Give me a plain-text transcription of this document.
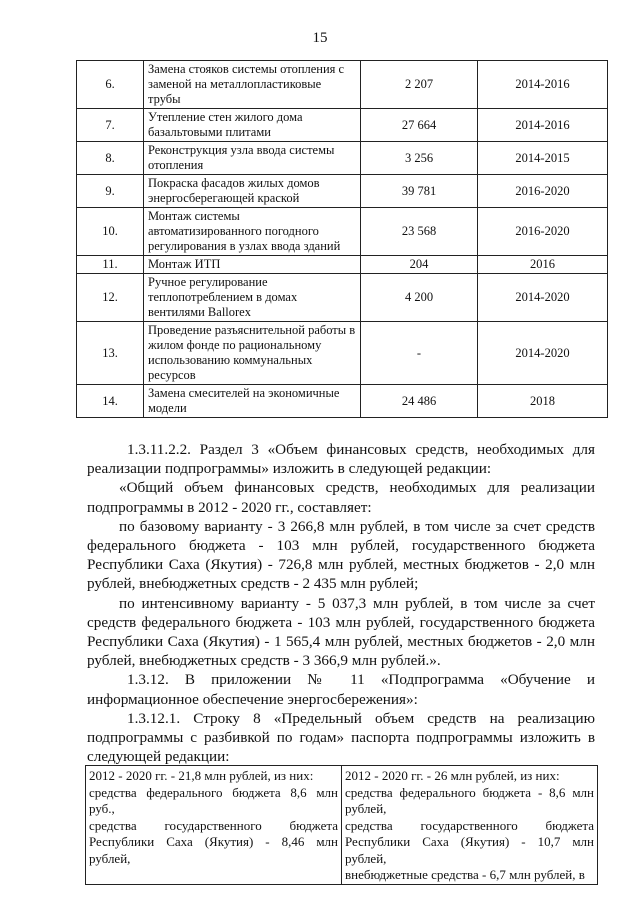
15
6.	Замена стояков системы отопления с заменой на металлопластиковые трубы	2 207	2014-2016
7.	Утепление стен жилого дома базальтовыми плитами	27 664	2014-2016
8.	Реконструкция узла ввода системы отопления	3 256	2014-2015
9.	Покраска фасадов жилых домов энергосберегающей краской	39 781	2016-2020
10.	Монтаж системы автоматизированного погодного регулирования в узлах ввода зданий	23 568	2016-2020
11.	Монтаж ИТП	204	2016
12.	Ручное регулирование теплопотреблением в домах вентилями Ballorex	4 200	2014-2020
13.	Проведение разъяснительной работы в жилом фонде по рациональному использованию коммунальных ресурсов	-	2014-2020
14.	Замена смесителей на экономичные модели	24 486	2018

1.3.11.2.2. Раздел 3 «Объем финансовых средств, необходимых для реализации подпрограммы» изложить в следующей редакции:

«Общий объем финансовых средств, необходимых для реализации подпрограммы в 2012 - 2020 гг., составляет:

по базовому варианту - 3 266,8 млн рублей, в том числе за счет средств федерального бюджета - 103 млн рублей, государственного бюджета Республики Саха (Якутия) - 726,8 млн рублей, местных бюджетов - 2,0 млн рублей, внебюджетных средств - 2 435 млн рублей;

по интенсивному варианту - 5 037,3 млн рублей, в том числе за счет средств федерального бюджета - 103 млн рублей, государственного бюджета Республики Саха (Якутия) - 1 565,4 млн рублей, местных бюджетов - 2,0 млн рублей, внебюджетных средств - 3 366,9 млн рублей.».

1.3.12. В приложении № 11 «Подпрограмма «Обучение и

информационное обеспечение энергосбережения»:

1.3.12.1. Строку 8 «Предельный объем средств на реализацию подпрограммы с разбивкой по годам» паспорта подпрограммы изложить в следующей редакции:

2012 - 2020 гг. - 21,8 млн рублей, из них:
средства федерального бюджета 8,6 млн руб.,
средства государственного бюджета Республики Саха (Якутия) - 8,46 млн рублей,

2012 - 2020 гг. - 26 млн рублей, из них:
средства федерального бюджета - 8,6 млн рублей,
средства государственного бюджета Республики Саха (Якутия) - 10,7 млн рублей,
внебюджетные средства - 6,7 млн рублей, в
